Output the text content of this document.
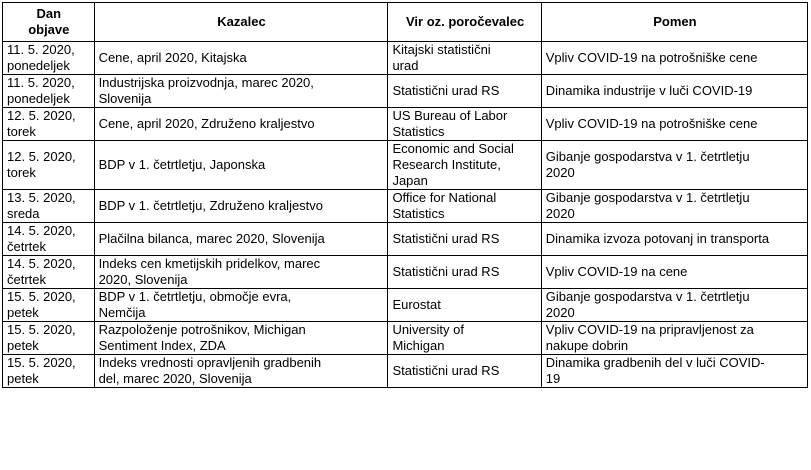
Dan
objave	Kazalec	Vir oz. poročevalec	Pomen

11. 5. 2020,
ponedeljek	Cene, april 2020, Kitajska	Kitajski statistični
urad	Vpliv COVID-19 na potrošniške cene

11. 5. 2020,
ponedeljek	Industrijska proizvodnja, marec 2020,
Slovenija	Statistični urad RS	Dinamika industrije v luči COVID-19

12. 5. 2020,
torek	Cene, april 2020, Združeno kraljestvo	US Bureau of Labor
Statistics	Vpliv COVID-19 na potrošniške cene

12. 5. 2020,
torek	BDP v 1. četrtletju, Japonska	Economic and Social
Research Institute,
Japan	Gibanje gospodarstva v 1. četrtletju
2020

13. 5. 2020,
sreda	BDP v 1. četrtletju, Združeno kraljestvo	Office for National
Statistics	Gibanje gospodarstva v 1. četrtletju
2020

14. 5. 2020,
četrtek	Plačilna bilanca, marec 2020, Slovenija	Statistični urad RS	Dinamika izvoza potovanj in transporta

14. 5. 2020,
četrtek	Indeks cen kmetijskih pridelkov, marec
2020, Slovenija	Statistični urad RS	Vpliv COVID-19 na cene

15. 5. 2020,
petek	BDP v 1. četrtletju, območje evra,
Nemčija	Eurostat	Gibanje gospodarstva v 1. četrtletju
2020

15. 5. 2020,
petek	Razpoloženje potrošnikov, Michigan
Sentiment Index, ZDA	University of
Michigan	Vpliv COVID-19 na pripravljenost za
nakupe dobrin

15. 5. 2020,
petek	Indeks vrednosti opravljenih gradbenih
del, marec 2020, Slovenija	Statistični urad RS	Dinamika gradbenih del v luči COVID-
19
